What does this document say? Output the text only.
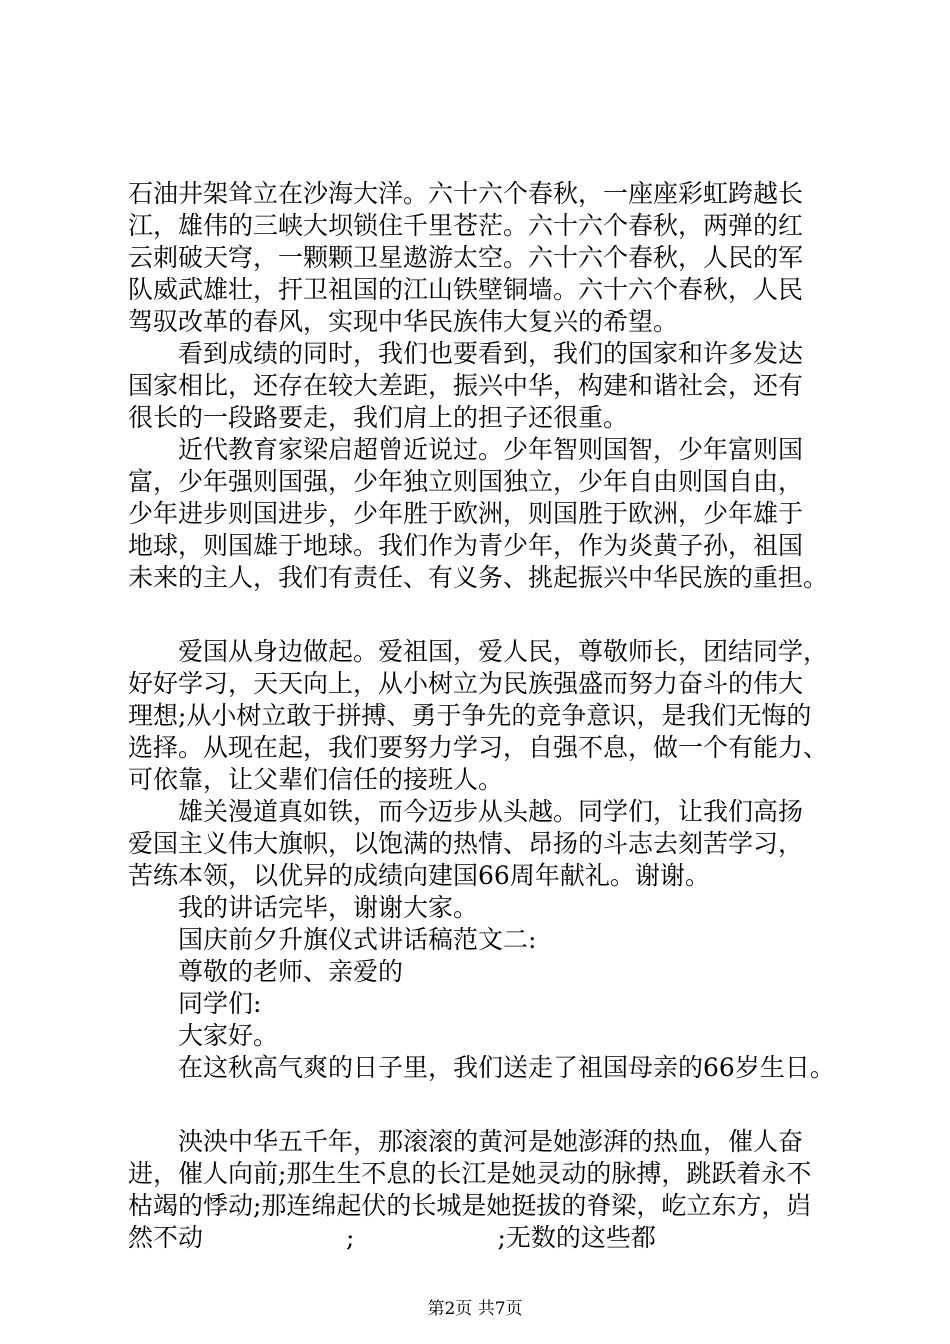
石油井架耸立在沙海大洋。六十六个春秋，一座座彩虹跨越长
江，雄伟的三峡大坝锁住千里苍茫。六十六个春秋，两弹的红
云刺破天穹，一颗颗卫星遨游太空。六十六个春秋，人民的军
队威武雄壮，扞卫祖国的江山铁壁铜墙。六十六个春秋，人民
驾驭改革的春风，实现中华民族伟大复兴的希望。
看到成绩的同时，我们也要看到，我们的国家和许多发达
国家相比，还存在较大差距，振兴中华，构建和谐社会，还有
很长的一段路要走，我们肩上的担子还很重。
近代教育家梁启超曾近说过。少年智则国智，少年富则国
富，少年强则国强，少年独立则国独立，少年自由则国自由，
少年进步则国进步，少年胜于欧洲，则国胜于欧洲，少年雄于
地球，则国雄于地球。我们作为青少年，作为炎黄子孙，祖国
未来的主人，我们有责任、有义务、挑起振兴中华民族的重担。
爱国从身边做起。爱祖国，爱人民，尊敬师长，团结同学，
好好学习，天天向上，从小树立为民族强盛而努力奋斗的伟大
理想;从小树立敢于拼搏、勇于争先的竞争意识，是我们无悔的
选择。从现在起，我们要努力学习，自强不息，做一个有能力、
可依靠，让父辈们信任的接班人。
雄关漫道真如铁，而今迈步从头越。同学们，让我们高扬
爱国主义伟大旗帜，以饱满的热情、昂扬的斗志去刻苦学习，
苦练本领，以优异的成绩向建国66周年献礼。谢谢。
我的讲话完毕，谢谢大家。
国庆前夕升旗仪式讲话稿范文二:
尊敬的老师、亲爱的
同学们:
大家好。
在这秋高气爽的日子里，我们送走了祖国母亲的66岁生日。
泱泱中华五千年，那滚滚的黄河是她澎湃的热血，催人奋
进，催人向前;那生生不息的长江是她灵动的脉搏，跳跃着永不
枯竭的悸动;那连绵起伏的长城是她挺拔的脊梁，屹立东方，岿
然不动                  ;                  ;无数的这些都
第2页 共7页
